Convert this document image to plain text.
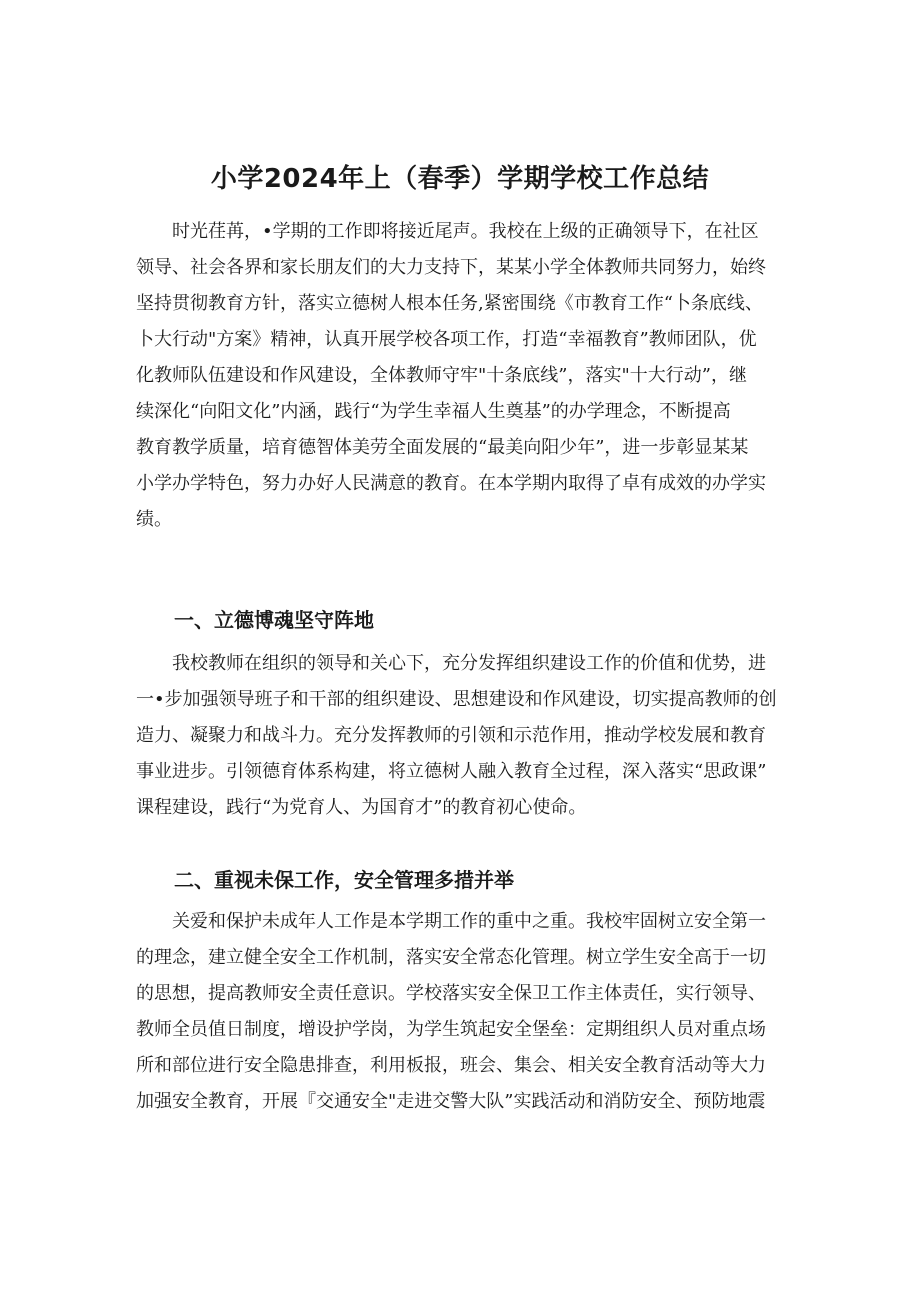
小学2024年上（春季）学期学校工作总结

时光荏苒，•学期的工作即将接近尾声。我校在上级的正确领导下，在社区
领导、社会各界和家长朋友们的大力支持下，某某小学全体教师共同努力，始终
坚持贯彻教育方针，落实立德树人根本任务,紧密围绕《市教育工作“卜条底线、
卜大行动"方案》精神，认真开展学校各项工作，打造“幸福教育”教师团队，优
化教师队伍建设和作风建设，全体教师守牢"十条底线”，落实"十大行动”，继
续深化“向阳文化”内涵，践行“为学生幸福人生奠基”的办学理念，不断提高
教育教学质量，培育德智体美劳全面发展的“最美向阳少年”，进一步彰显某某
小学办学特色，努力办好人民满意的教育。在本学期内取得了卓有成效的办学实
绩。

一、立德博魂坚守阵地

我校教师在组织的领导和关心下，充分发挥组织建设工作的价值和优势，进
一•步加强领导班子和干部的组织建设、思想建设和作风建设，切实提高教师的创
造力、凝聚力和战斗力。充分发挥教师的引领和示范作用，推动学校发展和教育
事业进步。引领德育体系构建，将立德树人融入教育全过程，深入落实“思政课”
课程建设，践行“为党育人、为国育才”的教育初心使命。

二、重视未保工作，安全管理多措并举

关爱和保护未成年人工作是本学期工作的重中之重。我校牢固树立安全第一
的理念，建立健全安全工作机制，落实安全常态化管理。树立学生安全高于一切
的思想，提高教师安全责任意识。学校落实安全保卫工作主体责任，实行领导、
教师全员值日制度，增设护学岗，为学生筑起安全堡垒：定期组织人员对重点场
所和部位进行安全隐患排查，利用板报，班会、集会、相关安全教育活动等大力
加强安全教育，开展『交通安全"走进交警大队”实践活动和消防安全、预防地震
